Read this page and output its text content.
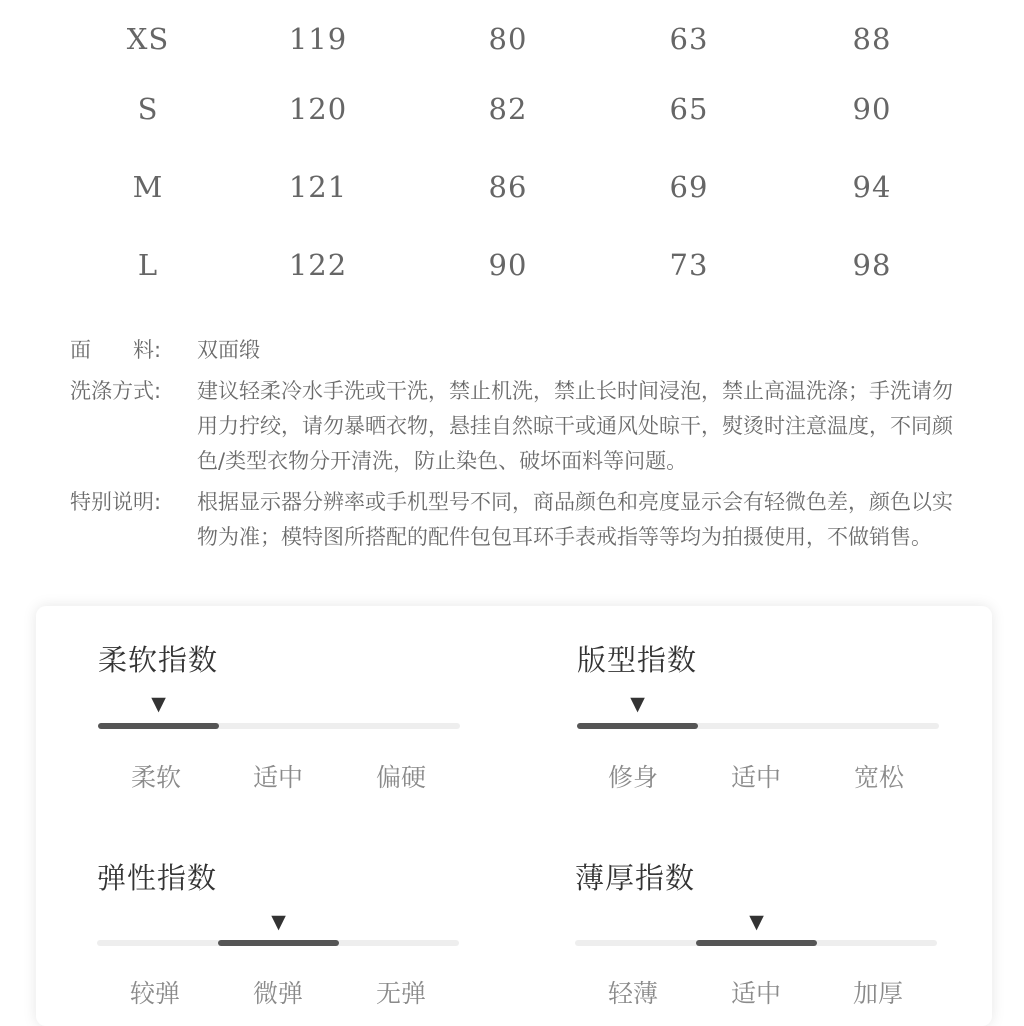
XS	119	80	63	88
S	120	82	65	90
M	121	86	69	94
L	122	90	73	98
面　　料:	双面缎
洗涤方式:	建议轻柔冷水手洗或干洗，禁止机洗，禁止长时间浸泡，禁止高温洗涤；手洗请勿用力拧绞，请勿暴晒衣物，悬挂自然晾干或通风处晾干，熨烫时注意温度，不同颜色/类型衣物分开清洗，防止染色、破坏面料等问题。
特别说明:	根据显示器分辨率或手机型号不同，商品颜色和亮度显示会有轻微色差，颜色以实物为准；模特图所搭配的配件包包耳环手表戒指等等均为拍摄使用，不做销售。
柔软指数
▼
柔软	适中	偏硬
版型指数
▼
修身	适中	宽松
弹性指数
▼
较弹	微弹	无弹
薄厚指数
▼
轻薄	适中	加厚
